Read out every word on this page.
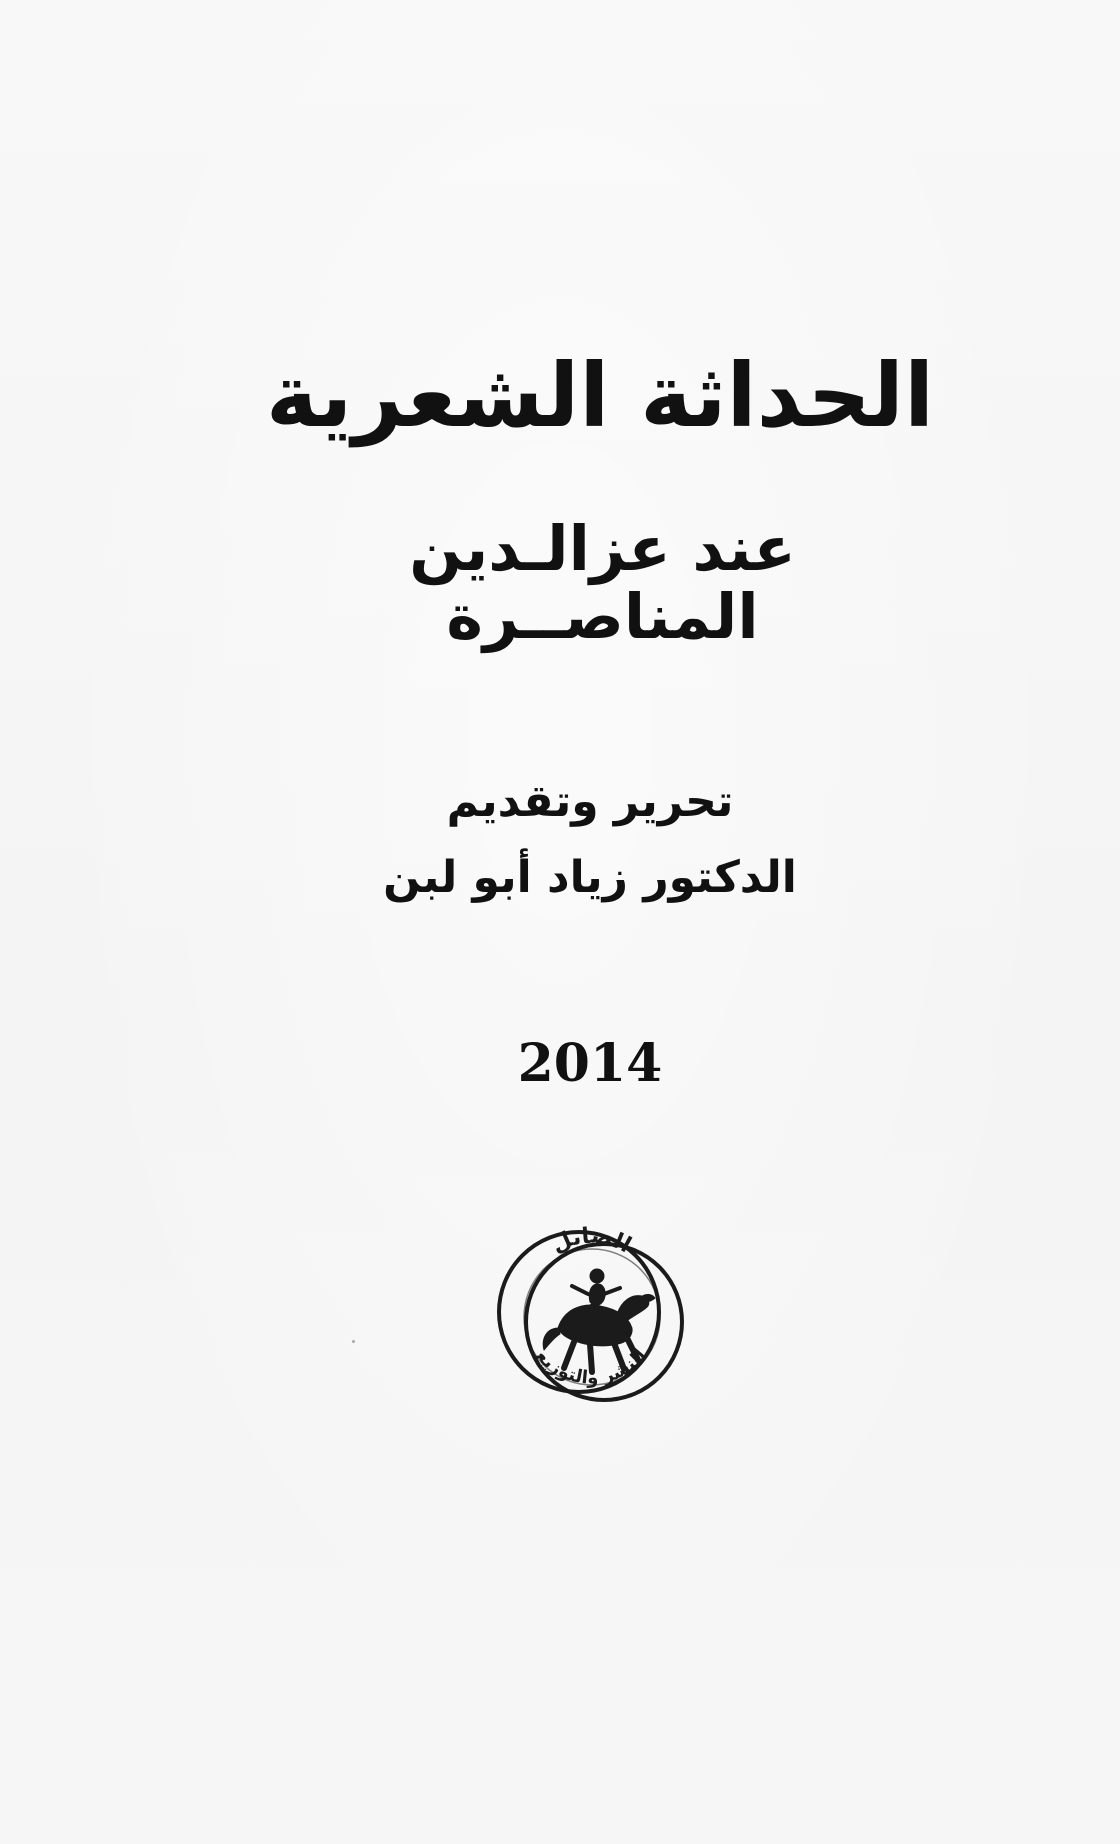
الحداثة الشعرية
عند عزالـدين المناصــرة
تحرير وتقديم
الدكتور زياد أبو لبن
2014
الصايل
للنشر والتوزيع
